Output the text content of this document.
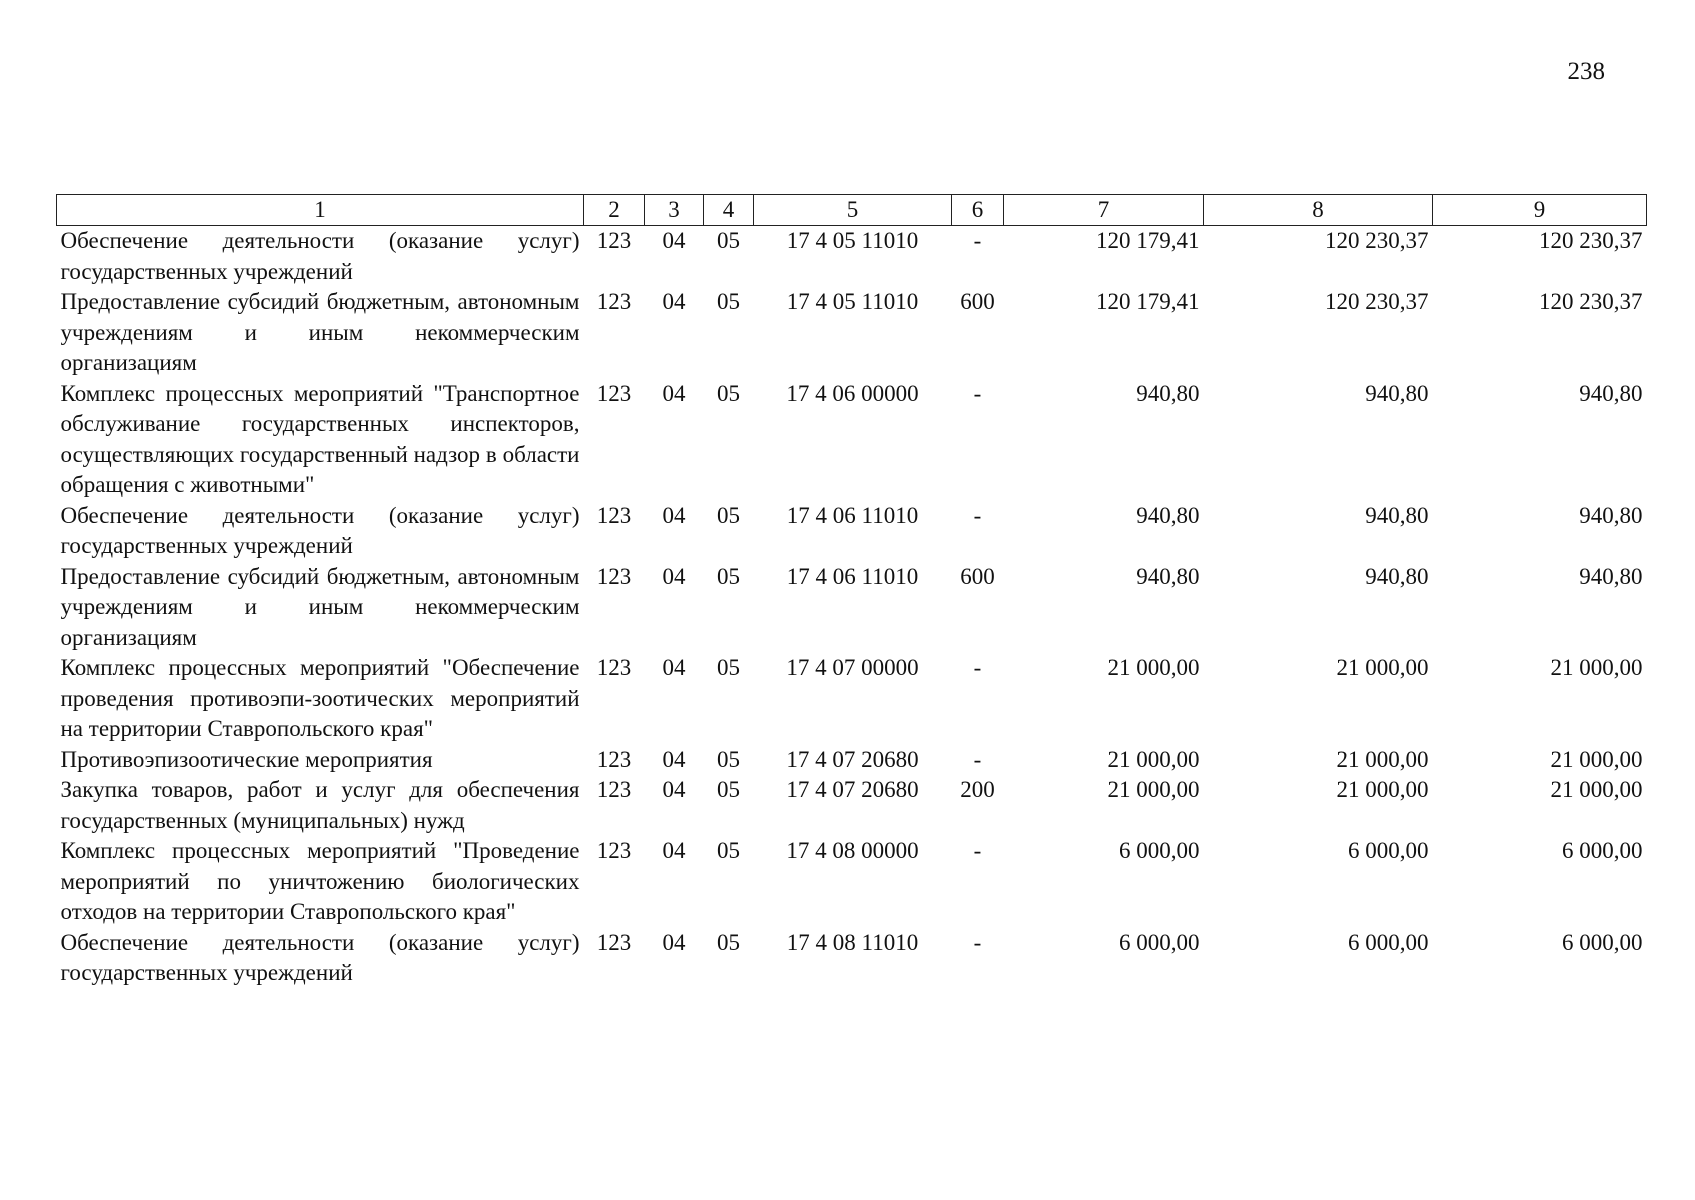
238
1	2	3	4	5	6	7	8	9
Обеспечение деятельности (оказание услуг) государственных учреждений	123	04	05	17 4 05 11010	-	120 179,41	120 230,37	120 230,37
Предоставление субсидий бюджетным, автономным учреждениям и иным некоммерческим организациям	123	04	05	17 4 05 11010	600	120 179,41	120 230,37	120 230,37
Комплекс процессных мероприятий "Транспортное обслуживание государственных инспекторов, осуществляющих государственный надзор в области обращения с животными"	123	04	05	17 4 06 00000	-	940,80	940,80	940,80
Обеспечение деятельности (оказание услуг) государственных учреждений	123	04	05	17 4 06 11010	-	940,80	940,80	940,80
Предоставление субсидий бюджетным, автономным учреждениям и иным некоммерческим организациям	123	04	05	17 4 06 11010	600	940,80	940,80	940,80
Комплекс процессных мероприятий "Обеспечение проведения противоэпи-зоотических мероприятий на территории Ставропольского края"	123	04	05	17 4 07 00000	-	21 000,00	21 000,00	21 000,00
Противоэпизоотические мероприятия	123	04	05	17 4 07 20680	-	21 000,00	21 000,00	21 000,00
Закупка товаров, работ и услуг для обеспечения государственных (муниципальных) нужд	123	04	05	17 4 07 20680	200	21 000,00	21 000,00	21 000,00
Комплекс процессных мероприятий "Проведение мероприятий по уничтожению биологических отходов на территории Ставропольского края"	123	04	05	17 4 08 00000	-	6 000,00	6 000,00	6 000,00
Обеспечение деятельности (оказание услуг) государственных учреждений	123	04	05	17 4 08 11010	-	6 000,00	6 000,00	6 000,00
